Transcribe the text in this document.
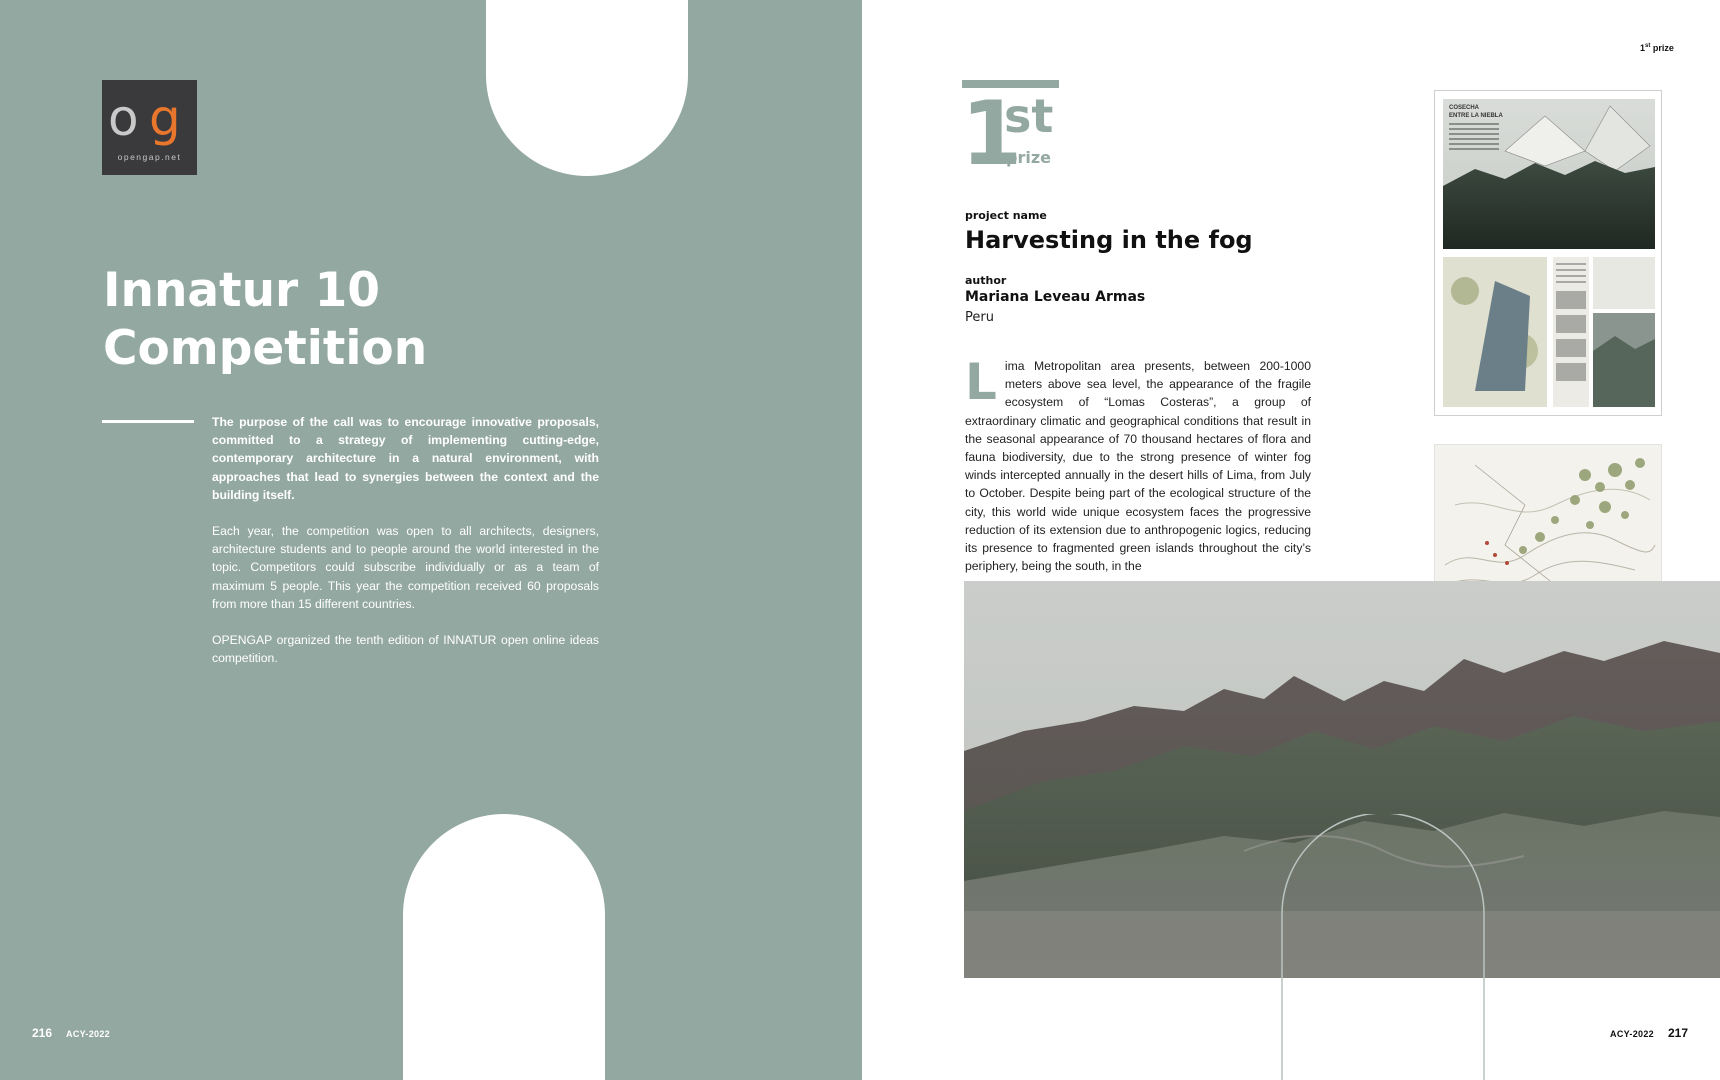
o g
opengap.net
Innatur 10
Competition

The purpose of the call was to encourage innovative proposals, committed to a strategy of implementing cutting-edge, contemporary architecture in a natural environment, with approaches that lead to synergies between the context and the building itself.

Each year, the competition was open to all architects, designers, architecture students and to people around the world interested in the topic. Competitors could subscribe individually or as a team of maximum 5 people. This year the competition received 60 proposals from more than 15 different countries.

OPENGAP organized the tenth edition of INNATUR open online ideas competition.

216 ACY-2022
1st prize
1
st
prize
project name
Harvesting in the fog
author
Mariana Leveau Armas
Peru
Lima Metropolitan area presents, between 200-1000 meters above sea level, the appearance of the fragile ecosystem of “Lomas Costeras”, a group of extraordinary climatic and geographical conditions that result in the seasonal appearance of 70 thousand hectares of flora and fauna biodiversity, due to the strong presence of winter fog winds intercepted annually in the desert hills of Lima, from July to October. Despite being part of the ecological structure of the city, this world wide unique ecosystem faces the progressive reduction of its extension due to anthropogenic logics, reducing its presence to fragmented green islands throughout the city’s periphery, being the south, in the
COSECHA
ENTRE LA NIEBLA
ACY-2022 217
